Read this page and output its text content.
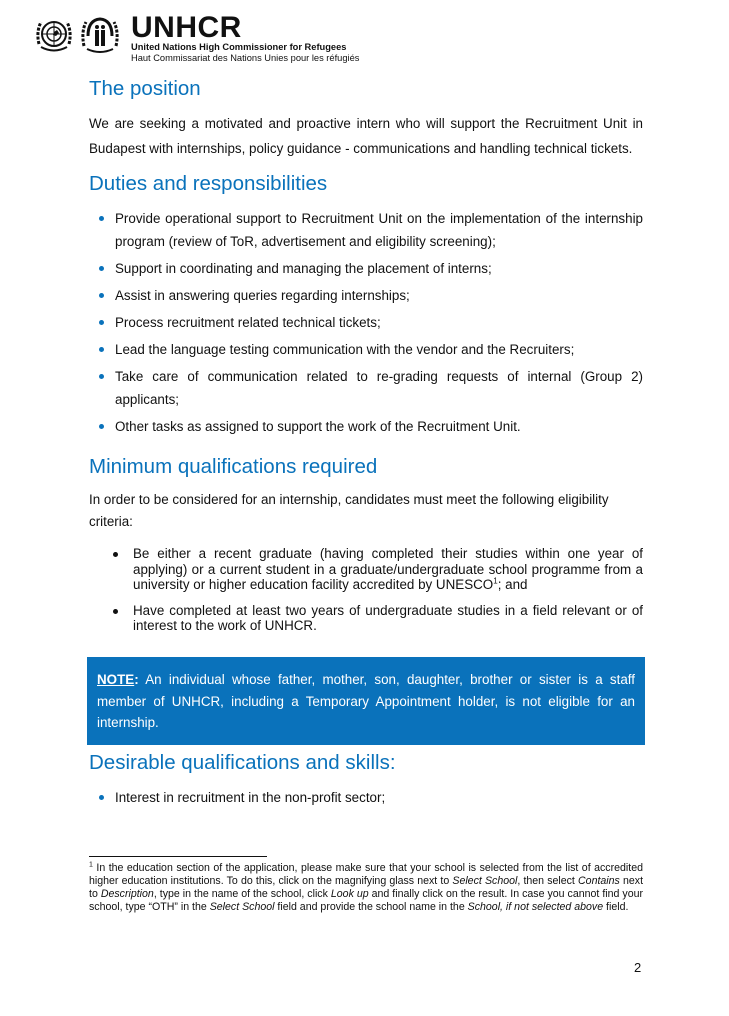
UNHCR
United Nations High Commissioner for Refugees
Haut Commissariat des Nations Unies pour les réfugiés
The position

We are seeking a motivated and proactive intern who will support the Recruitment Unit in Budapest with internships, policy guidance - communications and handling technical tickets.

Duties and responsibilities
Provide operational support to Recruitment Unit on the implementation of the internship program (review of ToR, advertisement and eligibility screening);
Support in coordinating and managing the placement of interns;
Assist in answering queries regarding internships;
Process recruitment related technical tickets;
Lead the language testing communication with the vendor and the Recruiters;
Take care of communication related to re-grading requests of internal (Group 2) applicants;
Other tasks as assigned to support the work of the Recruitment Unit.
Minimum qualifications required

In order to be considered for an internship, candidates must meet the following eligibility criteria:

Be either a recent graduate (having completed their studies within one year of applying) or a current student in a graduate/undergraduate school programme from a university or higher education facility accredited by UNESCO$^1$; and
Have completed at least two years of undergraduate studies in a field relevant or of interest to the work of UNHCR.

NOTE: An individual whose father, mother, son, daughter, brother or sister is a staff member of UNHCR, including a Temporary Appointment holder, is not eligible for an internship.

Desirable qualifications and skills:
Interest in recruitment in the non-profit sector;
$^1$ In the education section of the application, please make sure that your school is selected from the list of accredited higher education institutions. To do this, click on the magnifying glass next to Select School, then select Contains next to Description, type in the name of the school, click Look up and finally click on the result. In case you cannot find your school, type “OTH” in the Select School field and provide the school name in the School, if not selected above field.
2
